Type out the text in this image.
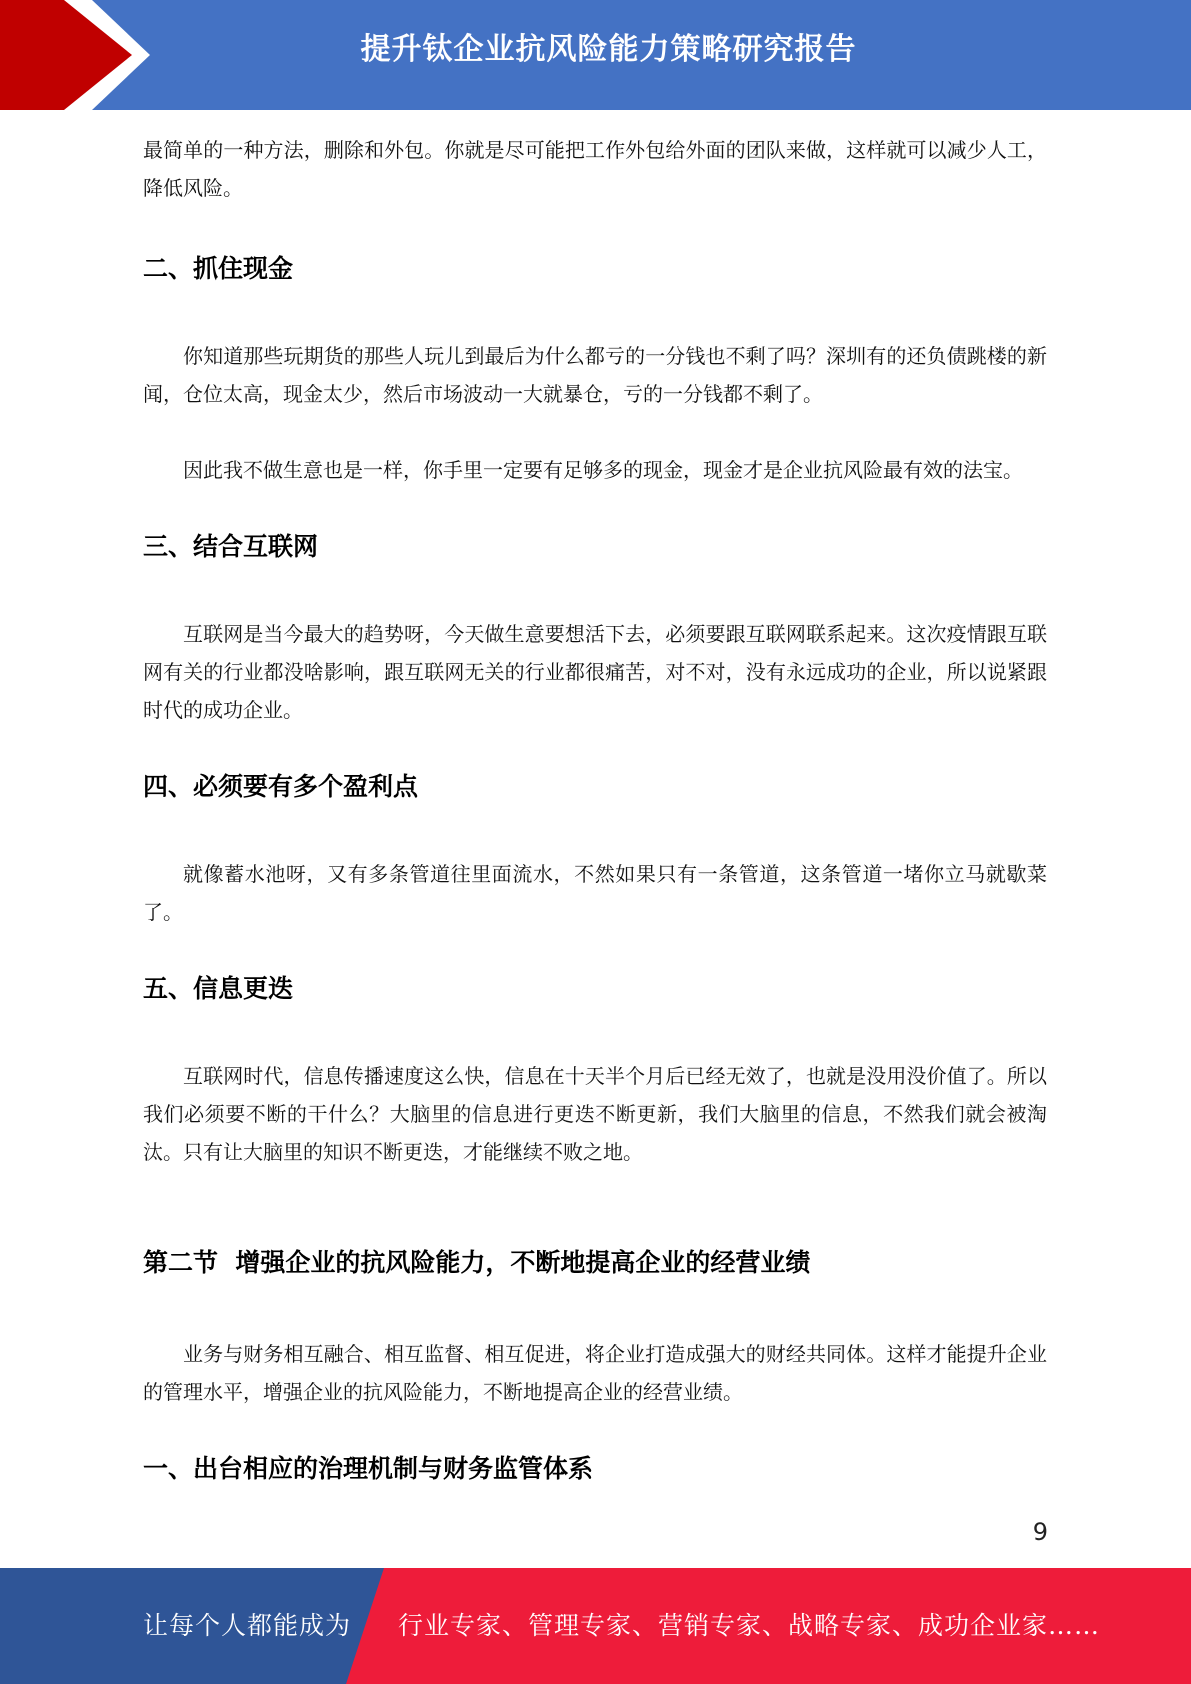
提升钛企业抗风险能力策略研究报告

最简单的一种方法，删除和外包。你就是尽可能把工作外包给外面的团队来做，这样就可以减少人工，降低风险。

二、抓住现金

你知道那些玩期货的那些人玩儿到最后为什么都亏的一分钱也不剩了吗？深圳有的还负债跳楼的新闻，仓位太高，现金太少，然后市场波动一大就暴仓，亏的一分钱都不剩了。

因此我不做生意也是一样，你手里一定要有足够多的现金，现金才是企业抗风险最有效的法宝。

三、结合互联网

互联网是当今最大的趋势呀，今天做生意要想活下去，必须要跟互联网联系起来。这次疫情跟互联网有关的行业都没啥影响，跟互联网无关的行业都很痛苦，对不对，没有永远成功的企业，所以说紧跟时代的成功企业。

四、必须要有多个盈利点

就像蓄水池呀，又有多条管道往里面流水，不然如果只有一条管道，这条管道一堵你立马就歇菜了。

五、信息更迭

互联网时代，信息传播速度这么快，信息在十天半个月后已经无效了，也就是没用没价值了。所以我们必须要不断的干什么？大脑里的信息进行更迭不断更新，我们大脑里的信息，不然我们就会被淘汰。只有让大脑里的知识不断更迭，才能继续不败之地。

第二节  增强企业的抗风险能力，不断地提高企业的经营业绩

业务与财务相互融合、相互监督、相互促进，将企业打造成强大的财经共同体。这样才能提升企业的管理水平，增强企业的抗风险能力，不断地提高企业的经营业绩。

一、出台相应的治理机制与财务监管体系
9
让每个人都能成为 行业专家、管理专家、营销专家、战略专家、成功企业家……
